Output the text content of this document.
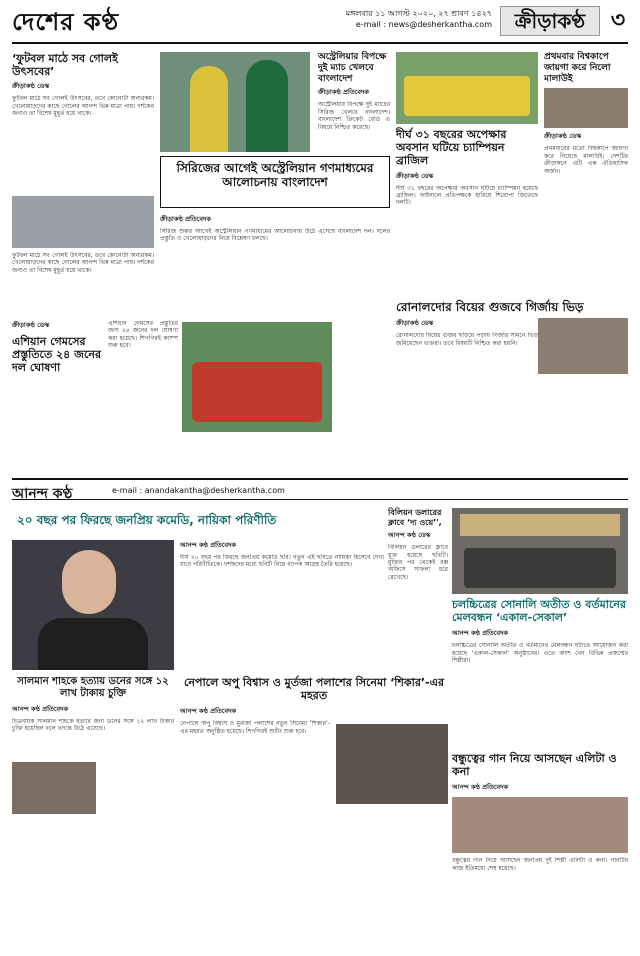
দেশের কণ্ঠ	মঙ্গলবার ১১ আগস্ট ২০২০, ২৭ শ্রাবণ ১৪২৭
e-mail : news@desherkantha.com	ক্রীড়াকণ্ঠ	৩
‘ফুটবল মাঠে সব গোলই উৎসবের’
ক্রীড়াকণ্ঠ ডেস্ক
ফুটবল মাঠে সব গোলই উৎসবের, তবে কোনোটা অন্যরকম। খেলোয়াড়দের কাছে গোলের আনন্দ ভিন্ন মাত্রা পায়। দর্শকের জন্যও তা বিশেষ মুহূর্ত হয়ে থাকে।
ফুটবল মাঠে সব গোলই উৎসবের, তবে কোনোটা অন্যরকম। খেলোয়াড়দের কাছে গোলের আনন্দ ভিন্ন মাত্রা পায়। দর্শকের জন্যও তা বিশেষ মুহূর্ত হয়ে থাকে।
অস্ট্রেলিয়ার বিপক্ষে দুই ম্যাচ খেলবে বাংলাদেশ
ক্রীড়াকণ্ঠ প্রতিবেদক
অস্ট্রেলিয়ার বিপক্ষে দুই ম্যাচের সিরিজ খেলবে বাংলাদেশ। বাংলাদেশ ক্রিকেট বোর্ড এ বিষয়ে নিশ্চিত করেছে।
প্রথমবার বিশ্বকাপে জায়গা করে নিলো মালাউই
ক্রীড়াকণ্ঠ ডেস্ক
প্রথমবারের মতো বিশ্বকাপে জায়গা করে নিয়েছে মালাউই। দেশটির ক্রীড়াঙ্গনে এটি এক ঐতিহাসিক অর্জন।
দীর্ঘ ৩১ বছরের অপেক্ষার অবসান ঘটিয়ে চ্যাম্পিয়ন ব্রাজিল
ক্রীড়াকণ্ঠ ডেস্ক
দীর্ঘ ৩১ বছরের অপেক্ষার অবসান ঘটিয়ে চ্যাম্পিয়ন হয়েছে ব্রাজিল। ফাইনালে প্রতিপক্ষকে হারিয়ে শিরোপা জিতেছে দলটি।
সিরিজের আগেই অস্ট্রেলিয়ান গণমাধ্যমের আলোচনায় বাংলাদেশ
ক্রীড়াকণ্ঠ প্রতিবেদক
সিরিজ শুরুর আগেই অস্ট্রেলিয়ান গণমাধ্যমের আলোচনায় উঠে এসেছে বাংলাদেশ দল। দলের প্রস্তুতি ও খেলোয়াড়দের নিয়ে বিশ্লেষণ চলছে।
ক্রীড়াকণ্ঠ ডেস্ক
এশিয়ান গেমসের প্রস্তুতিতে ২৪ জনের দল ঘোষণা
এশিয়ান গেমসের প্রস্তুতির জন্য ২৪ জনের দল ঘোষণা করা হয়েছে। শিগগিরই ক্যাম্প শুরু হবে।
রোনালদোর বিয়ের গুজবে গির্জায় ভিড়
ক্রীড়াকণ্ঠ ডেস্ক
রোনালদোর বিয়ের গুজব ছড়িয়ে পড়ায় গির্জার সামনে ভিড় জমিয়েছেন ভক্তরা। তবে বিষয়টি নিশ্চিত করা হয়নি।
আনন্দ কণ্ঠ	e-mail : anandakantha@desherkantha.com
২০ বছর পর ফিরছে জনপ্রিয় কমেডি, নায়িকা পরিণীতি
আনন্দ কণ্ঠ প্রতিবেদক
দীর্ঘ ২০ বছর পর ফিরছে জনপ্রিয় কমেডি ছবি। নতুন এই ছবিতে নায়িকা হিসেবে দেখা যাবে পরিণীতিকে। দর্শকদের মধ্যে ছবিটি নিয়ে ব্যাপক আগ্রহ তৈরি হয়েছে।
বিলিয়ন ডলারের ক্লাবে ‘দ্য ওয়ে’',
আনন্দ কণ্ঠ ডেস্ক
বিলিয়ন ডলারের ক্লাবে যুক্ত হয়েছে ছবিটি। মুক্তির পর থেকেই বক্স অফিসে সাফল্য ধরে রেখেছে।
চলচ্চিত্রের সোনালি অতীত ও বর্তমানের মেলবন্ধন ‘একাল-সেকাল’
আনন্দ কণ্ঠ প্রতিবেদক
চলচ্চিত্রের সোনালি অতীত ও বর্তমানের মেলবন্ধন ঘটাতে আয়োজন করা হয়েছে ‘একাল-সেকাল’ অনুষ্ঠানের। এতে অংশ নেন বিভিন্ন প্রজন্মের শিল্পীরা।
সালমান শাহকে হত্যায় ডনের সঙ্গে ১২ লাখ টাকায় চুক্তি
আনন্দ কণ্ঠ প্রতিবেদক
চিত্রনায়ক সালমান শাহকে হত্যার জন্য ডনের সঙ্গে ১২ লাখ টাকার চুক্তি হয়েছিল বলে তদন্তে উঠে এসেছে।
নেপালে অপু বিশ্বাস ও মুর্তজা পলাশের সিনেমা ‘শিকার’-এর মহরত
আনন্দ কণ্ঠ প্রতিবেদক
নেপালে অপু বিশ্বাস ও মুর্তজা পলাশের নতুন সিনেমা ‘শিকার’-এর মহরত অনুষ্ঠিত হয়েছে। শিগগিরই শুটিং শুরু হবে।
বন্ধুত্বের গান নিয়ে আসছেন এলিটা ও কনা
আনন্দ কণ্ঠ প্রতিবেদক
বন্ধুত্বের গান নিয়ে আসছেন জনপ্রিয় দুই শিল্পী এলিটা ও কনা। গানটির কাজ ইতিমধ্যে শেষ হয়েছে।
